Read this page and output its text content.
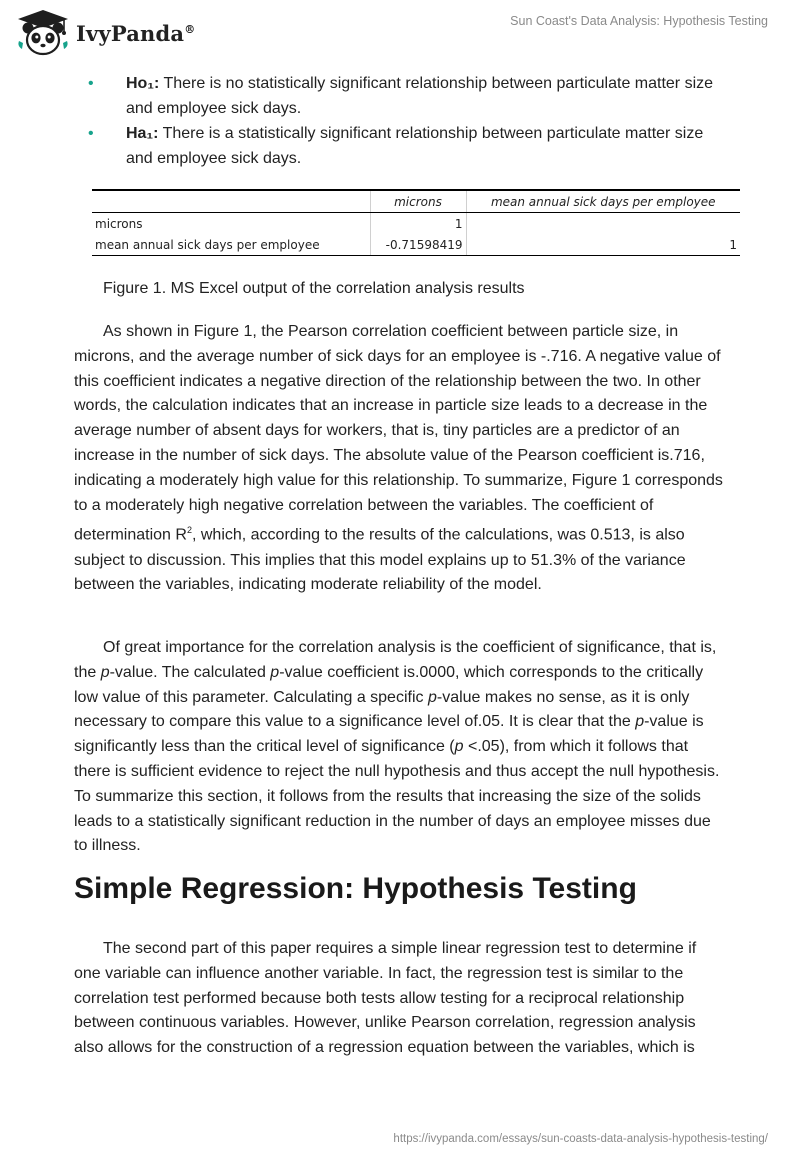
IvyPanda®
Sun Coast's Data Analysis: Hypothesis Testing
• Ho₁: There is no statistically significant relationship between particulate matter size and employee sick days.
• Ha₁: There is a statistically significant relationship between particulate matter size and employee sick days.
	microns	mean annual sick days per employee
microns	1	
mean annual sick days per employee	-0.71598419	1
Figure 1. MS Excel output of the correlation analysis results

As shown in Figure 1, the Pearson correlation coefficient between particle size, in microns, and the average number of sick days for an employee is -.716. A negative value of this coefficient indicates a negative direction of the relationship between the two. In other words, the calculation indicates that an increase in particle size leads to a decrease in the average number of absent days for workers, that is, tiny particles are a predictor of an increase in the number of sick days. The absolute value of the Pearson coefficient is.716, indicating a moderately high value for this relationship. To summarize, Figure 1 corresponds to a moderately high negative correlation between the variables. The coefficient of determination $R^2$, which, according to the results of the calculations, was 0.513, is also subject to discussion. This implies that this model explains up to 51.3% of the variance between the variables, indicating moderate reliability of the model.

Of great importance for the correlation analysis is the coefficient of significance, that is, the p-value. The calculated p-value coefficient is.0000, which corresponds to the critically low value of this parameter. Calculating a specific p-value makes no sense, as it is only necessary to compare this value to a significance level of.05. It is clear that the p-value is significantly less than the critical level of significance (p <.05), from which it follows that there is sufficient evidence to reject the null hypothesis and thus accept the null hypothesis. To summarize this section, it follows from the results that increasing the size of the solids leads to a statistically significant reduction in the number of days an employee misses due to illness.

Simple Regression: Hypothesis Testing

The second part of this paper requires a simple linear regression test to determine if one variable can influence another variable. In fact, the regression test is similar to the correlation test performed because both tests allow testing for a reciprocal relationship between continuous variables. However, unlike Pearson correlation, regression analysis also allows for the construction of a regression equation between the variables, which is

https://ivypanda.com/essays/sun-coasts-data-analysis-hypothesis-testing/
